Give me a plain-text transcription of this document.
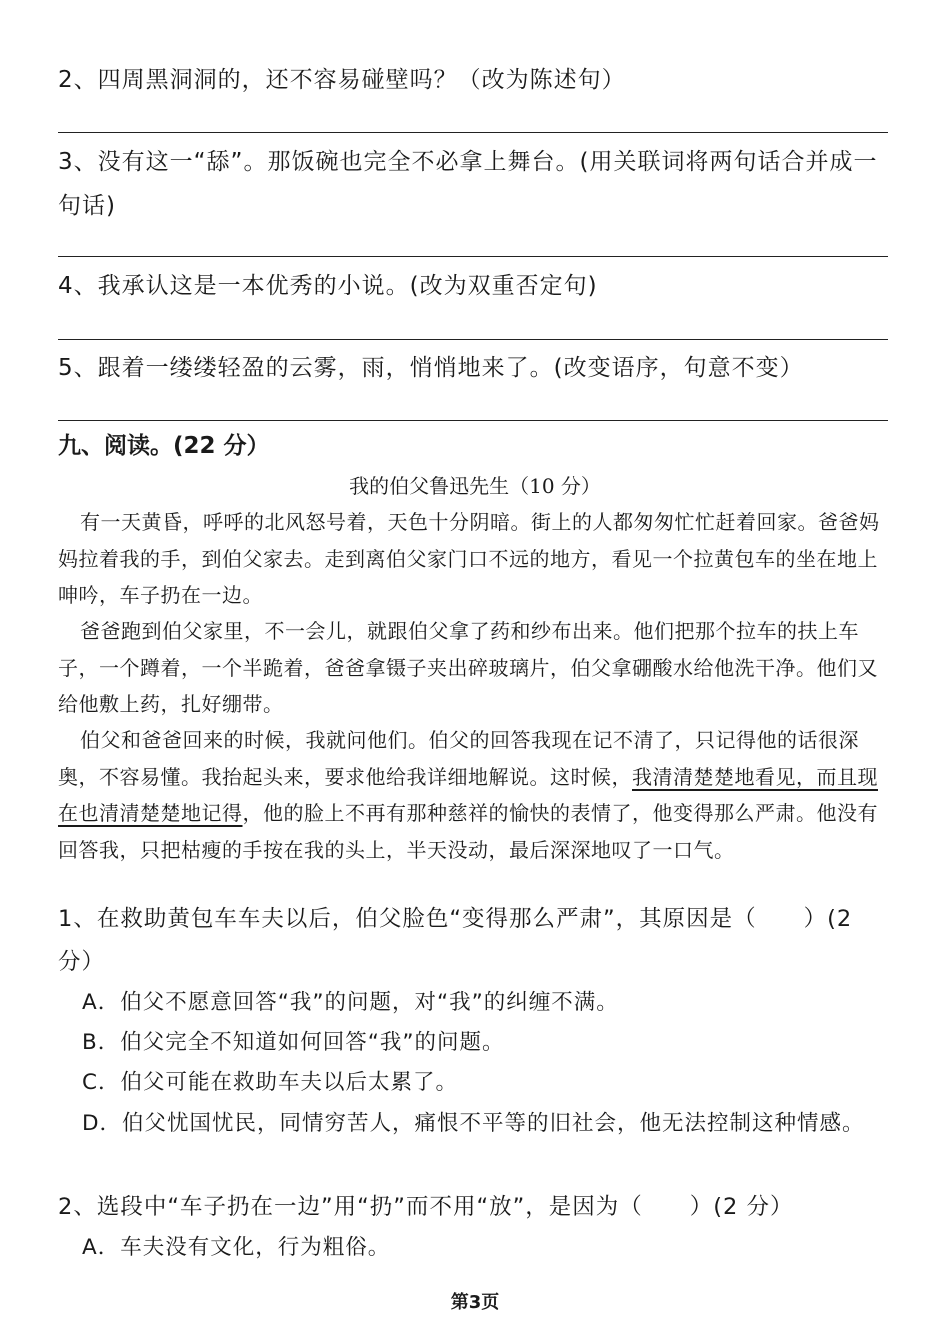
2、四周黑洞洞的，还不容易碰壁吗？（改为陈述句）
3、没有这一“舔”。那饭碗也完全不必拿上舞台。(用关联词将两句话合并成一句话)
4、我承认这是一本优秀的小说。(改为双重否定句)
5、跟着一缕缕轻盈的云雾，雨，悄悄地来了。(改变语序，句意不变）
九、阅读。(22 分）
我的伯父鲁迅先生（10 分）
有一天黄昏，呼呼的北风怒号着，天色十分阴暗。街上的人都匆匆忙忙赶着回家。爸爸妈妈拉着我的手，到伯父家去。走到离伯父家门口不远的地方，看见一个拉黄包车的坐在地上呻吟，车子扔在一边。
爸爸跑到伯父家里，不一会儿，就跟伯父拿了药和纱布出来。他们把那个拉车的扶上车子，一个蹲着，一个半跪着，爸爸拿镊子夹出碎玻璃片，伯父拿硼酸水给他洗干净。他们又给他敷上药，扎好绷带。
伯父和爸爸回来的时候，我就问他们。伯父的回答我现在记不清了，只记得他的话很深奥，不容易懂。我抬起头来，要求他给我详细地解说。这时候，我清清楚楚地看见，而且现在也清清楚楚地记得，他的脸上不再有那种慈祥的愉快的表情了，他变得那么严肃。他没有回答我，只把枯瘦的手按在我的头上，半天没动，最后深深地叹了一口气。
1、在救助黄包车车夫以后，伯父脸色“变得那么严肃”，其原因是（　　）(2 分）
A．伯父不愿意回答“我”的问题，对“我”的纠缠不满。
B．伯父完全不知道如何回答“我”的问题。
C．伯父可能在救助车夫以后太累了。
D．伯父忧国忧民，同情穷苦人，痛恨不平等的旧社会，他无法控制这种情感。
2、选段中“车子扔在一边”用“扔”而不用“放”，是因为（　　）(2 分）
A．车夫没有文化，行为粗俗。
第3页
